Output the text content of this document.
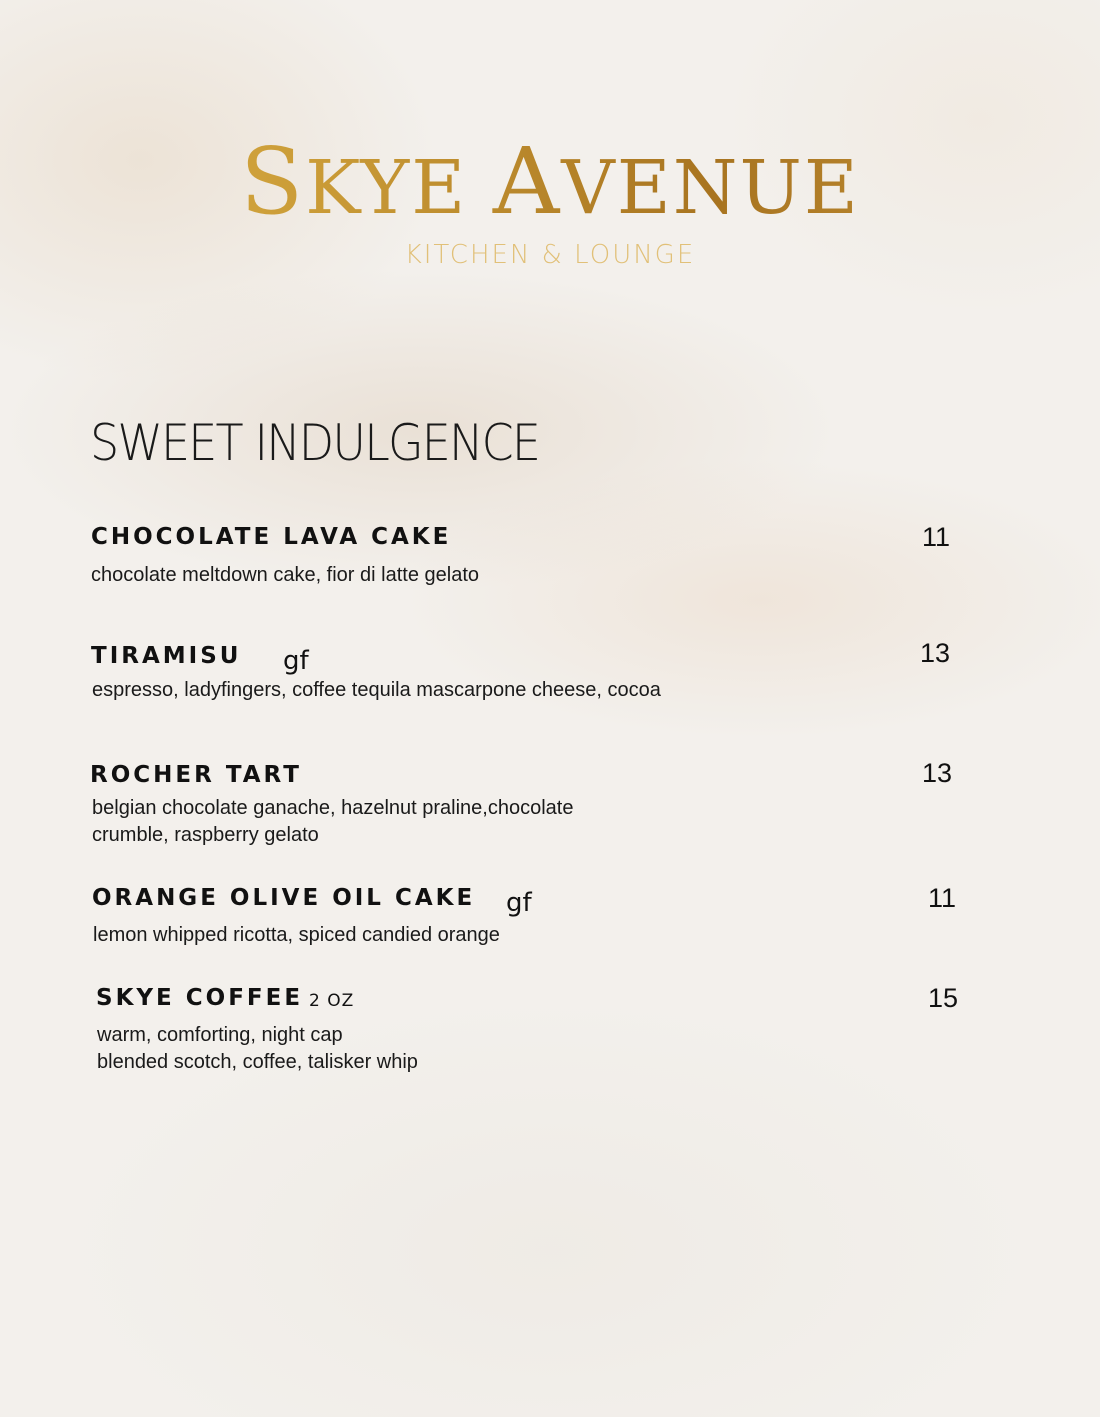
SKYE AVENUE
KITCHEN & LOUNGE
SWEET INDULGENCE
CHOCOLATE LAVA CAKE	11
chocolate meltdown cake, fior di latte gelato
TIRAMISU gf	13
espresso, ladyfingers, coffee tequila mascarpone cheese, cocoa
ROCHER TART	13
belgian chocolate ganache, hazelnut praline,chocolate
crumble, raspberry gelato
ORANGE OLIVE OIL CAKE gf	11
lemon whipped ricotta, spiced candied orange
SKYE COFFEE 2 OZ	15
warm, comforting, night cap
blended scotch, coffee, talisker whip
